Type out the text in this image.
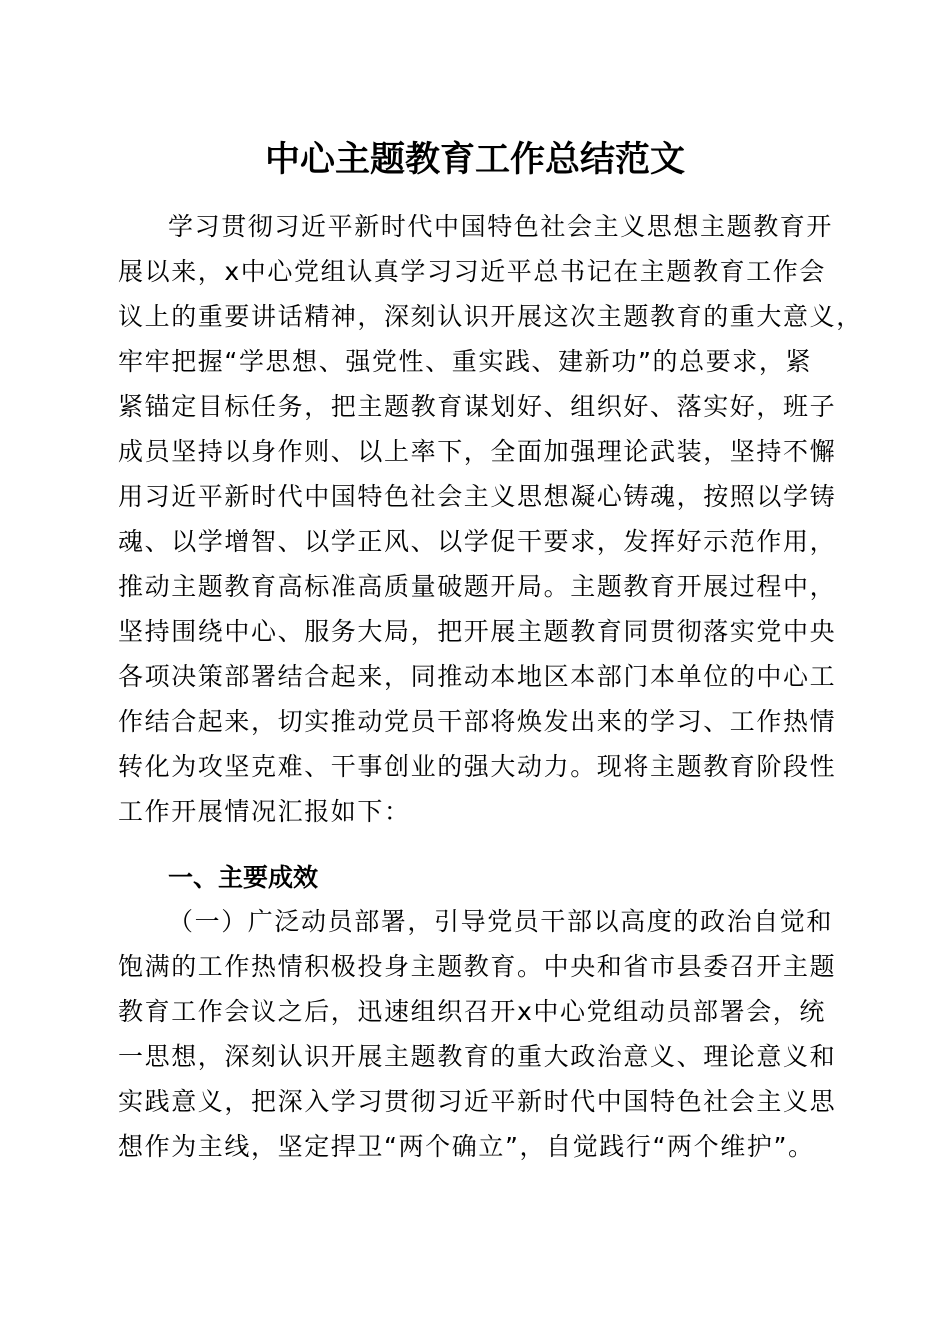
中心主题教育工作总结范文
学习贯彻习近平新时代中国特色社会主义思想主题教育开
展以来，x中心党组认真学习习近平总书记在主题教育工作会
议上的重要讲话精神，深刻认识开展这次主题教育的重大意义，
牢牢把握“学思想、强党性、重实践、建新功”的总要求，紧
紧锚定目标任务，把主题教育谋划好、组织好、落实好，班子
成员坚持以身作则、以上率下，全面加强理论武装，坚持不懈
用习近平新时代中国特色社会主义思想凝心铸魂，按照以学铸
魂、以学增智、以学正风、以学促干要求，发挥好示范作用，
推动主题教育高标准高质量破题开局。主题教育开展过程中，
坚持围绕中心、服务大局，把开展主题教育同贯彻落实党中央
各项决策部署结合起来，同推动本地区本部门本单位的中心工
作结合起来，切实推动党员干部将焕发出来的学习、工作热情
转化为攻坚克难、干事创业的强大动力。现将主题教育阶段性
工作开展情况汇报如下：
一、主要成效
（一）广泛动员部署，引导党员干部以高度的政治自觉和
饱满的工作热情积极投身主题教育。中央和省市县委召开主题
教育工作会议之后，迅速组织召开x中心党组动员部署会，统
一思想，深刻认识开展主题教育的重大政治意义、理论意义和
实践意义，把深入学习贯彻习近平新时代中国特色社会主义思
想作为主线，坚定捍卫“两个确立”，自觉践行“两个维护”。
